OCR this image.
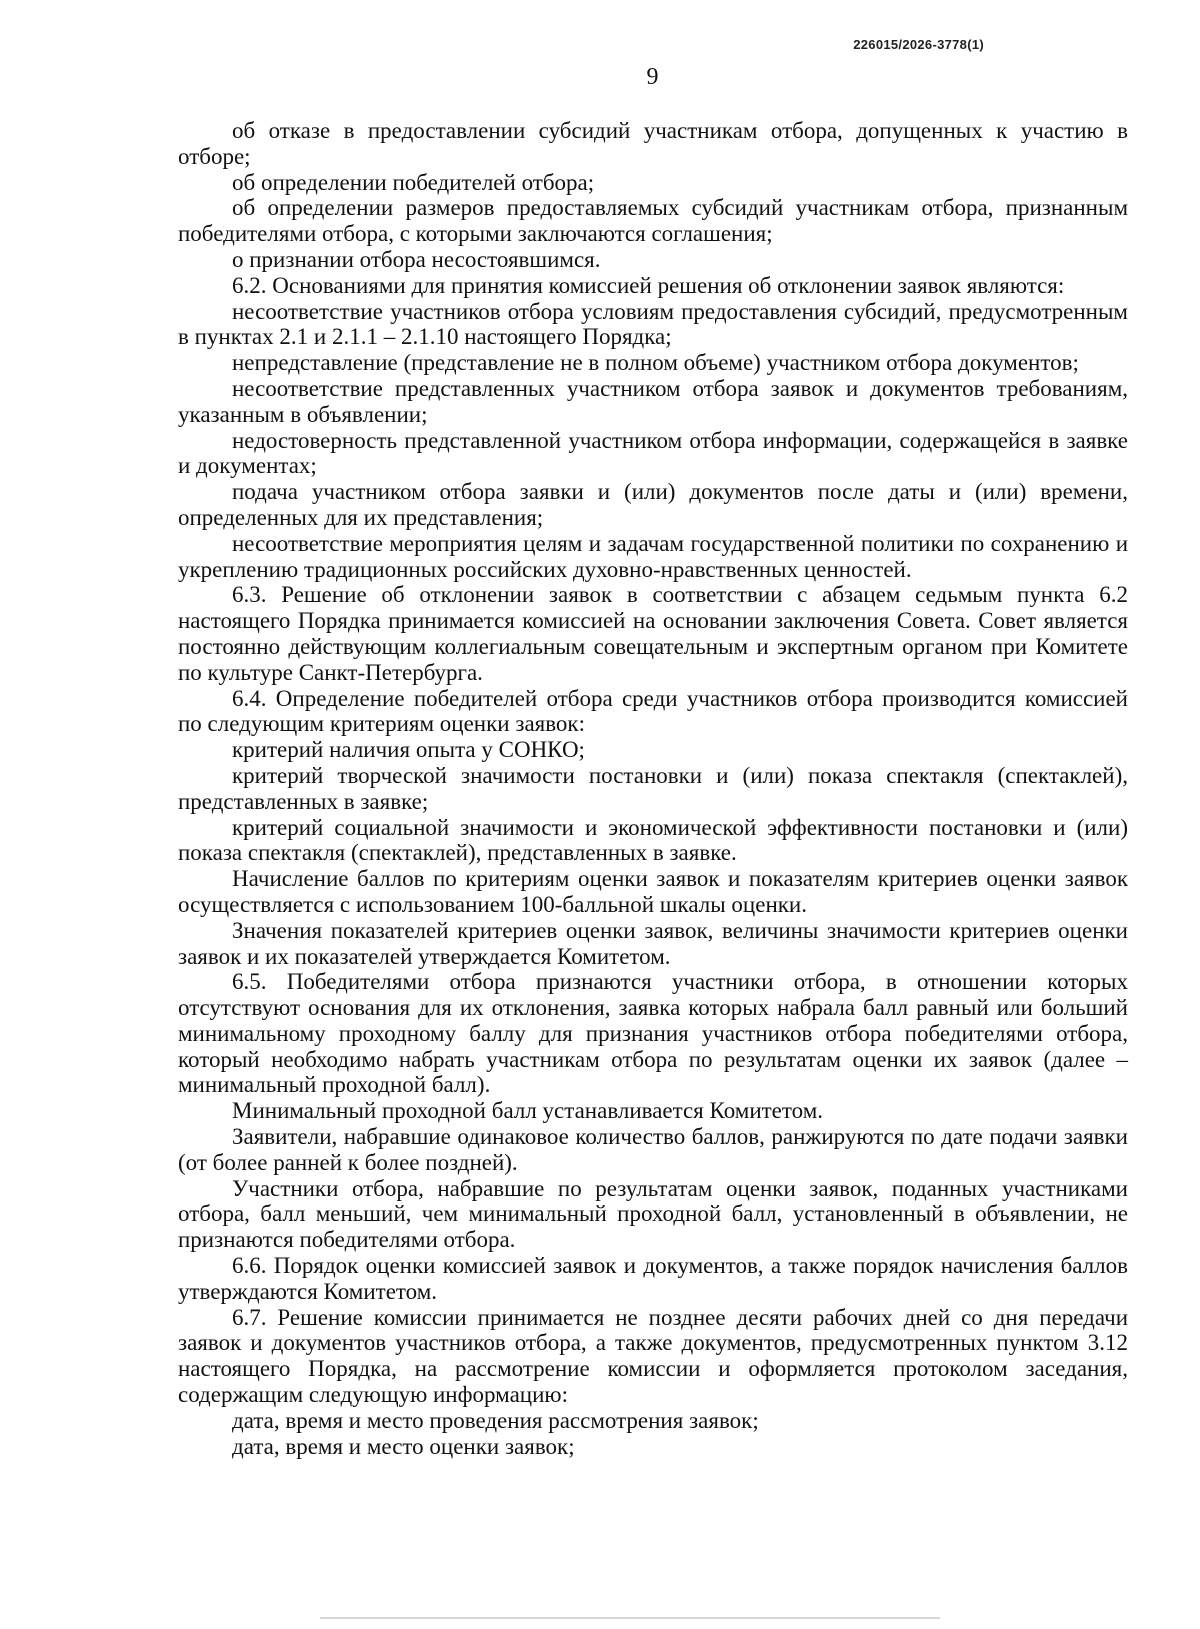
226015/2026-3778(1)

9

об отказе в предоставлении субсидий участникам отбора, допущенных к участию в отборе;

об определении победителей отбора;

об определении размеров предоставляемых субсидий участникам отбора, признанным победителями отбора, с которыми заключаются соглашения;

о признании отбора несостоявшимся.

6.2. Основаниями для принятия комиссией решения об отклонении заявок являются:

несоответствие участников отбора условиям предоставления субсидий, предусмотренным в пунктах 2.1 и 2.1.1 – 2.1.10 настоящего Порядка;

непредставление (представление не в полном объеме) участником отбора документов;

несоответствие представленных участником отбора заявок и документов требованиям, указанным в объявлении;

недостоверность представленной участником отбора информации, содержащейся в заявке и документах;

подача участником отбора заявки и (или) документов после даты и (или) времени, определенных для их представления;

несоответствие мероприятия целям и задачам государственной политики по сохранению и укреплению традиционных российских духовно-нравственных ценностей.

6.3. Решение об отклонении заявок в соответствии с абзацем седьмым пункта 6.2 настоящего Порядка принимается комиссией на основании заключения Совета. Совет является постоянно действующим коллегиальным совещательным и экспертным органом при Комитете по культуре Санкт-Петербурга.

6.4. Определение победителей отбора среди участников отбора производится комиссией по следующим критериям оценки заявок:

критерий наличия опыта у СОНКО;

критерий творческой значимости постановки и (или) показа спектакля (спектаклей), представленных в заявке;

критерий социальной значимости и экономической эффективности постановки и (или) показа спектакля (спектаклей), представленных в заявке.

Начисление баллов по критериям оценки заявок и показателям критериев оценки заявок осуществляется с использованием 100-балльной шкалы оценки.

Значения показателей критериев оценки заявок, величины значимости критериев оценки заявок и их показателей утверждается Комитетом.

6.5. Победителями отбора признаются участники отбора, в отношении которых отсутствуют основания для их отклонения, заявка которых набрала балл равный или больший минимальному проходному баллу для признания участников отбора победителями отбора, который необходимо набрать участникам отбора по результатам оценки их заявок (далее – минимальный проходной балл).

Минимальный проходной балл устанавливается Комитетом.

Заявители, набравшие одинаковое количество баллов, ранжируются по дате подачи заявки (от более ранней к более поздней).

Участники отбора, набравшие по результатам оценки заявок, поданных участниками отбора, балл меньший, чем минимальный проходной балл, установленный в объявлении, не признаются победителями отбора.

6.6. Порядок оценки комиссией заявок и документов, а также порядок начисления баллов утверждаются Комитетом.

6.7. Решение комиссии принимается не позднее десяти рабочих дней со дня передачи заявок и документов участников отбора, а также документов, предусмотренных пунктом 3.12 настоящего Порядка, на рассмотрение комиссии и оформляется протоколом заседания, содержащим следующую информацию:

дата, время и место проведения рассмотрения заявок;

дата, время и место оценки заявок;
